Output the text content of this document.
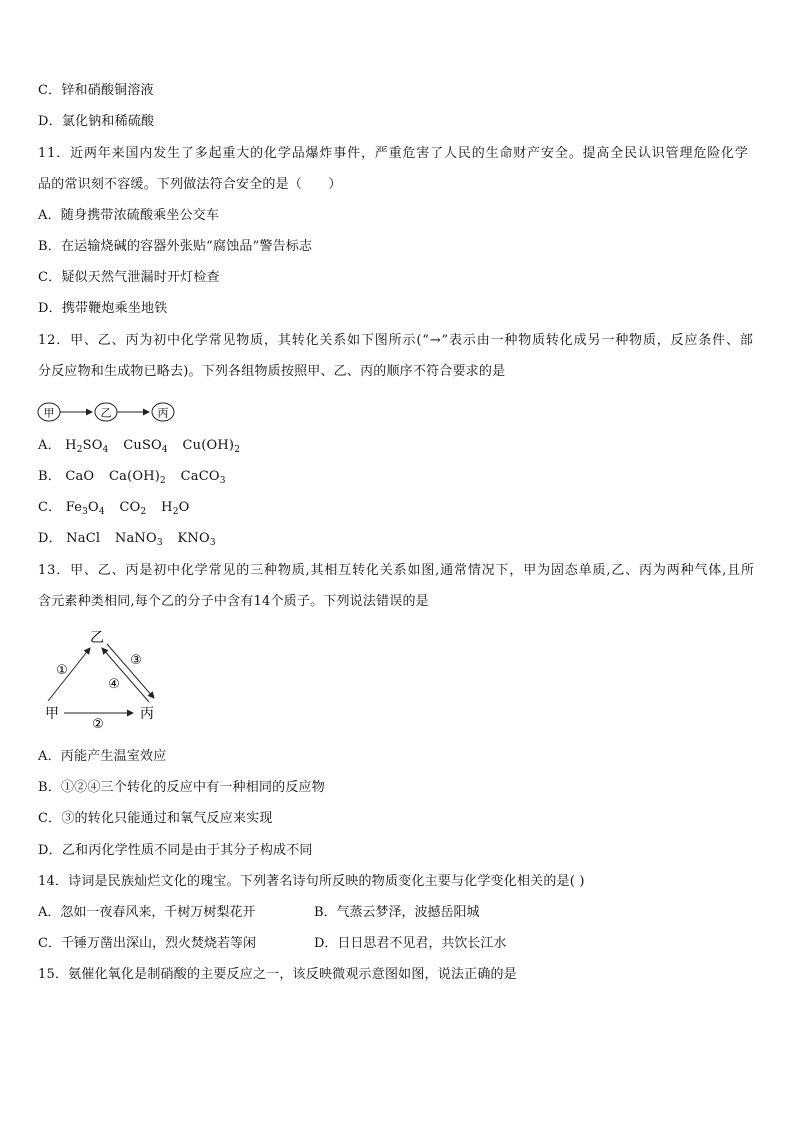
C．锌和硝酸铜溶液
D．氯化钠和稀硫酸
11．近两年来国内发生了多起重大的化学品爆炸事件，严重危害了人民的生命财产安全。提高全民认识管理危险化学
品的常识刻不容缓。下列做法符合安全的是（　　）
A．随身携带浓硫酸乘坐公交车
B．在运输烧碱的容器外张贴“腐蚀品”警告标志
C．疑似天然气泄漏时开灯检查
D．携带鞭炮乘坐地铁
12．甲、乙、丙为初中化学常见物质，其转化关系如下图所示(“→”表示由一种物质转化成另一种物质，反应条件、部
分反应物和生成物已略去)。下列各组物质按照甲、乙、丙的顺序不符合要求的是
甲	乙	丙
A． $H_2SO_4$ CuSO$_4$ $Cu(OH)_2$
B． CaO $Ca(OH)_2$ CaCO$_3$
C． $Fe_3O_4$ $CO_2$ $H_2O$
D． NaCl NaNO$_3$ $KNO_3$
13．甲、乙、丙是初中化学常见的三种物质,其相互转化关系如图,通常情况下，甲为固态单质,乙、丙为两种气体,且所
含元素种类相同,每个乙的分子中含有14个质子。下列说法错误的是
乙
甲	丙
①
②
③
④
A．丙能产生温室效应
B．①②④三个转化的反应中有一种相同的反应物
C．③的转化只能通过和氧气反应来实现
D．乙和丙化学性质不同是由于其分子构成不同
14．诗词是民族灿烂文化的瑰宝。下列著名诗句所反映的物质变化主要与化学变化相关的是( )
A．忽如一夜春风来，千树万树梨花开	B．气蒸云梦泽，波撼岳阳城
C．千锤万凿出深山，烈火焚烧若等闲	D．日日思君不见君，共饮长江水
15．氨催化氧化是制硝酸的主要反应之一，该反映微观示意图如图，说法正确的是
